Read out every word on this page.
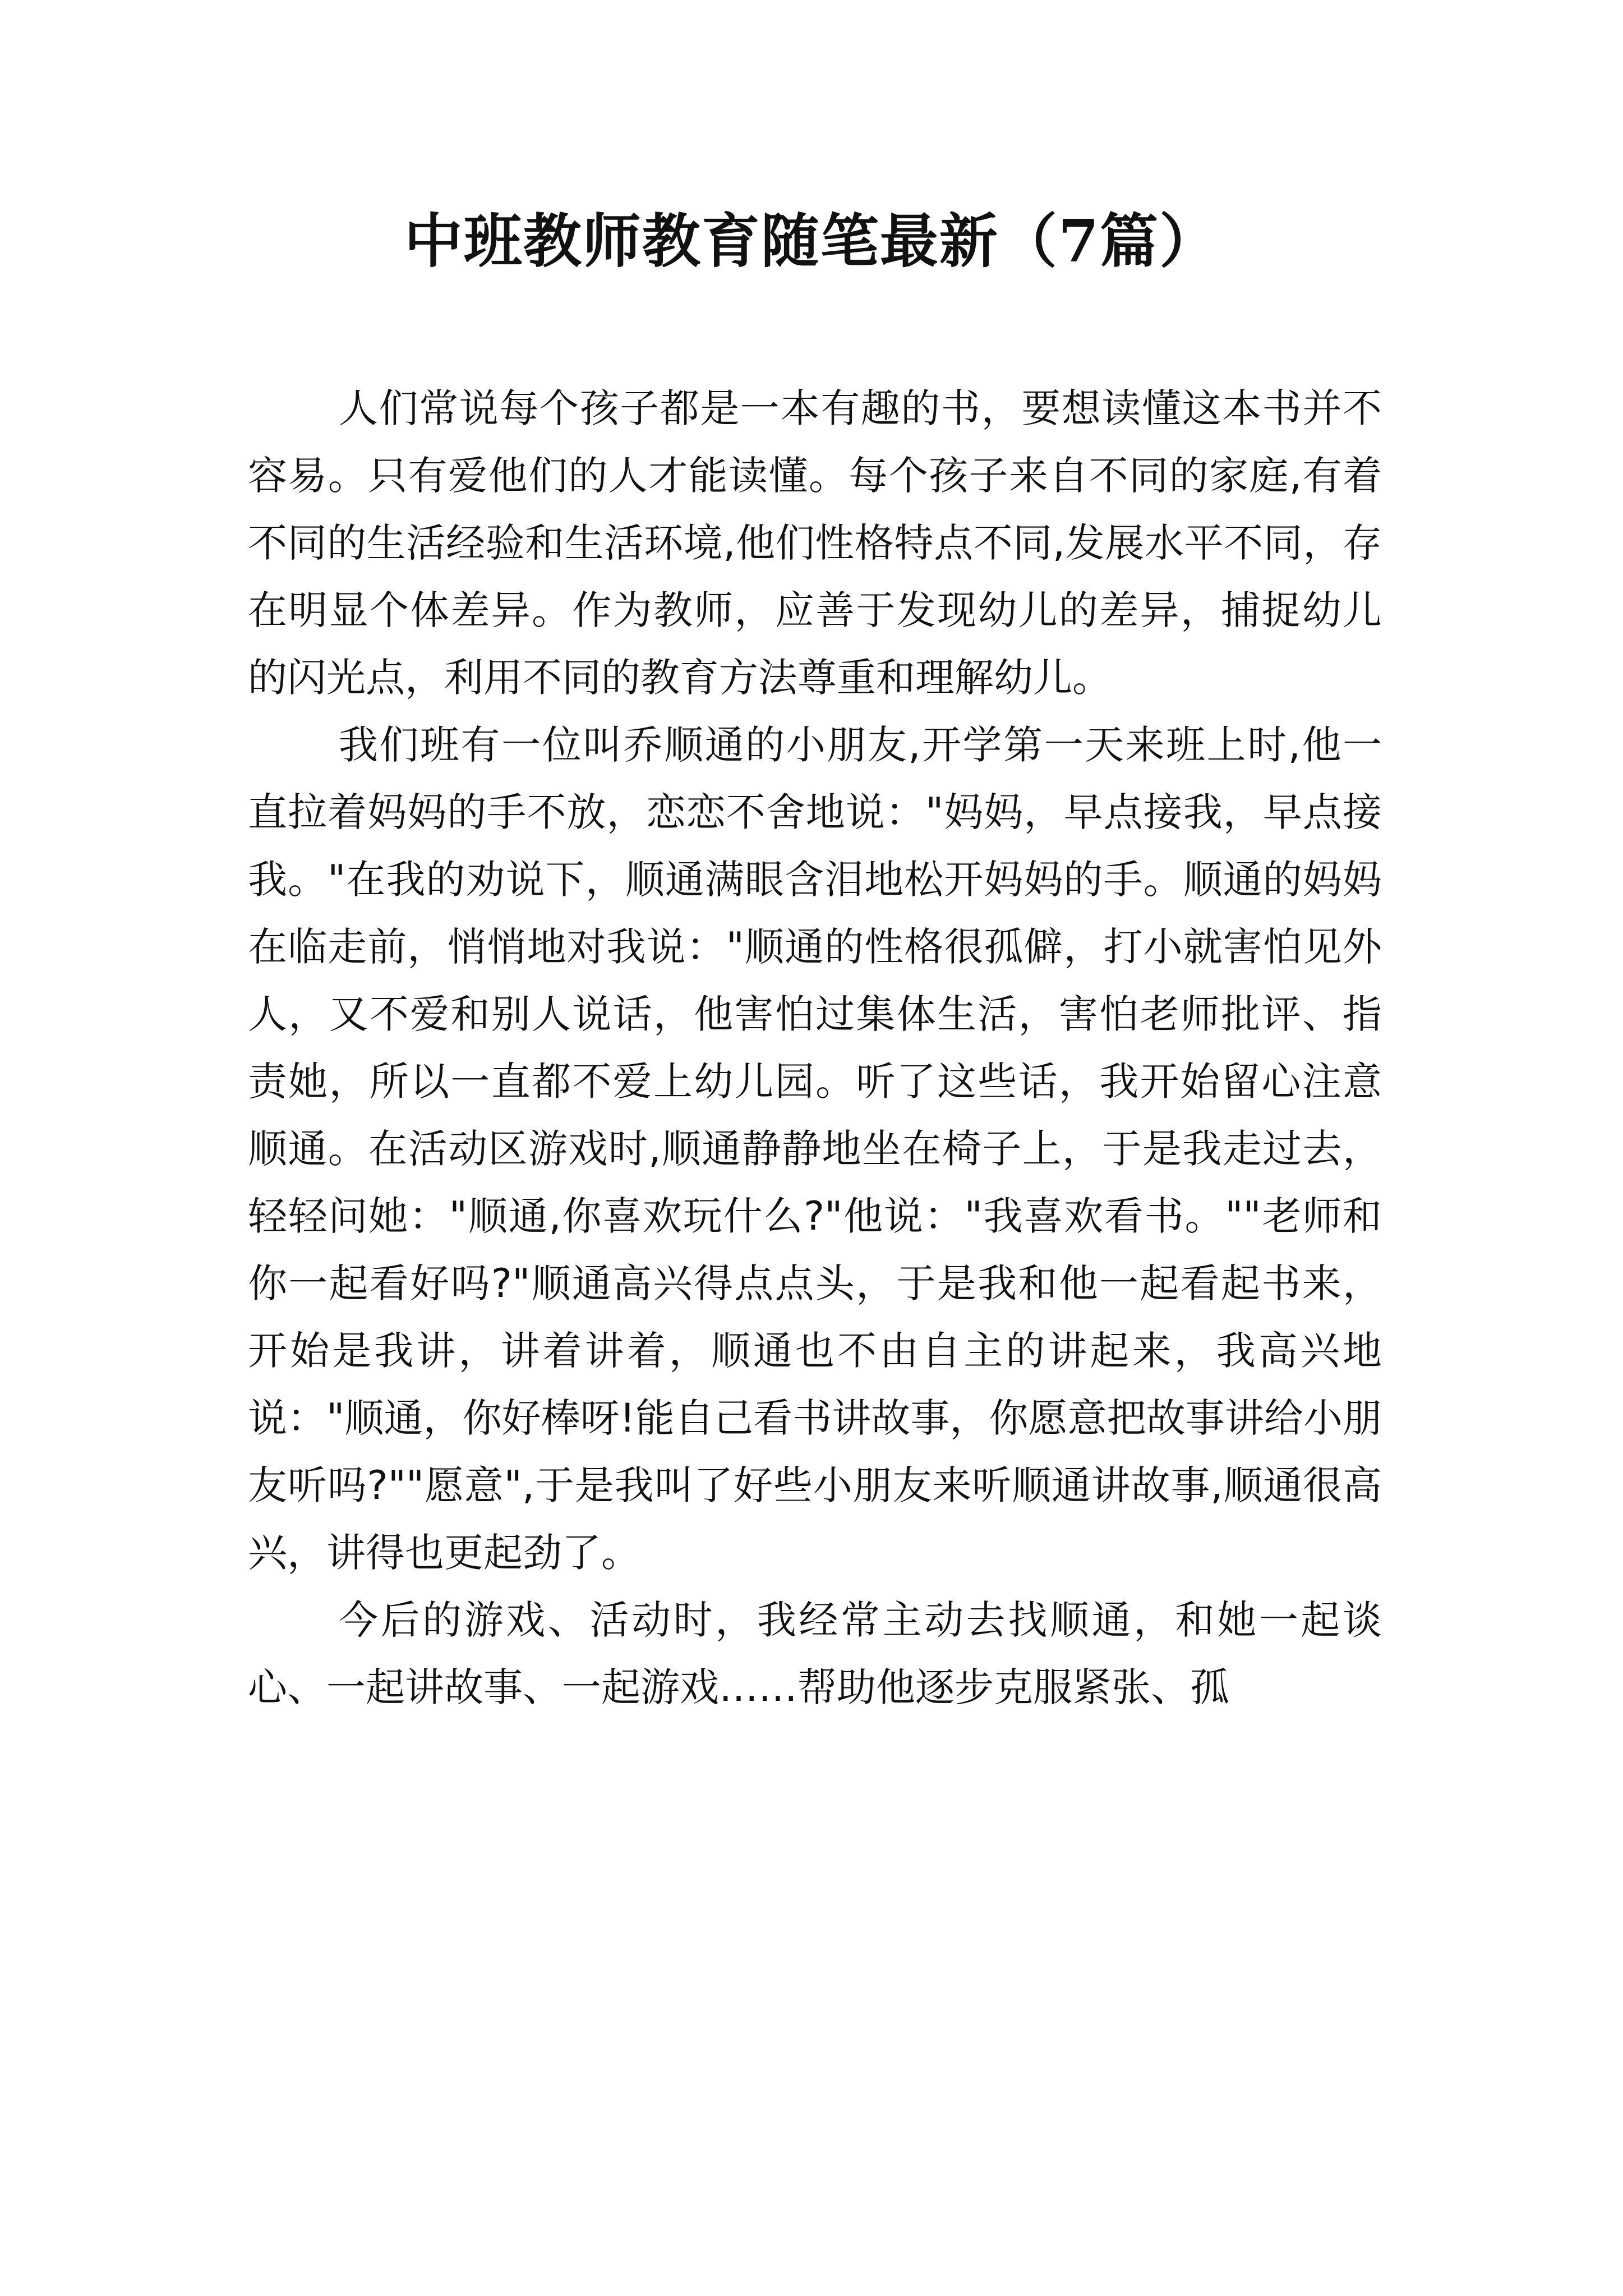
中班教师教育随笔最新（7篇）

人们常说每个孩子都是一本有趣的书，要想读懂这本书并不容易。只有爱他们的人才能读懂。每个孩子来自不同的家庭,有着不同的生活经验和生活环境,他们性格特点不同,发展水平不同，存在明显个体差异。作为教师，应善于发现幼儿的差异，捕捉幼儿的闪光点，利用不同的教育方法尊重和理解幼儿。

我们班有一位叫乔顺通的小朋友,开学第一天来班上时,他一直拉着妈妈的手不放，恋恋不舍地说："妈妈，早点接我，早点接我。"在我的劝说下，顺通满眼含泪地松开妈妈的手。顺通的妈妈在临走前，悄悄地对我说："顺通的性格很孤僻，打小就害怕见外人，又不爱和别人说话，他害怕过集体生活，害怕老师批评、指责她，所以一直都不爱上幼儿园。听了这些话，我开始留心注意顺通。在活动区游戏时,顺通静静地坐在椅子上，于是我走过去，轻轻问她："顺通,你喜欢玩什么?"他说："我喜欢看书。""老师和你一起看好吗?"顺通高兴得点点头，于是我和他一起看起书来，开始是我讲，讲着讲着，顺通也不由自主的讲起来，我高兴地说："顺通，你好棒呀!能自己看书讲故事，你愿意把故事讲给小朋友听吗?""愿意",于是我叫了好些小朋友来听顺通讲故事,顺通很高兴，讲得也更起劲了。

今后的游戏、活动时，我经常主动去找顺通，和她一起谈心、一起讲故事、一起游戏……帮助他逐步克服紧张、孤
